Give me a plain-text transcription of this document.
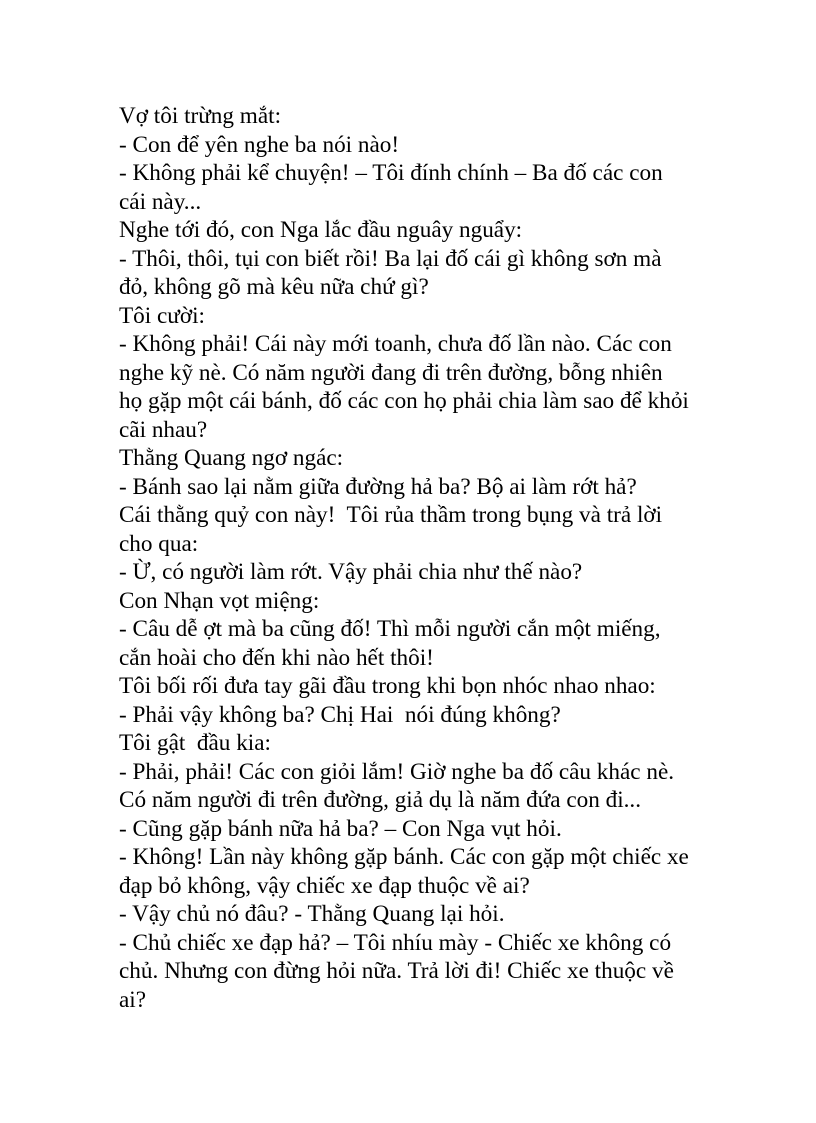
Vợ tôi trừng mắt:
- Con để yên nghe ba nói nào!
- Không phải kể chuyện! – Tôi đính chính – Ba đố các con
cái này...
Nghe tới đó, con Nga lắc đầu nguây nguẩy:
- Thôi, thôi, tụi con biết rồi! Ba lại đố cái gì không sơn mà
đỏ, không gõ mà kêu nữa chứ gì?
Tôi cười:
- Không phải! Cái này mới toanh, chưa đố lần nào. Các con
nghe kỹ nè. Có năm người đang đi trên đường, bỗng nhiên
họ gặp một cái bánh, đố các con họ phải chia làm sao để khỏi
cãi nhau?
Thằng Quang ngơ ngác:
- Bánh sao lại nằm giữa đường hả ba? Bộ ai làm rớt hả?
Cái thằng quỷ con này!  Tôi rủa thầm trong bụng và trả lời
cho qua:
- Ừ, có người làm rớt. Vậy phải chia như thế nào?
Con Nhạn vọt miệng:
- Câu dễ ợt mà ba cũng đố! Thì mỗi người cắn một miếng,
cắn hoài cho đến khi nào hết thôi!
Tôi bối rối đưa tay gãi đầu trong khi bọn nhóc nhao nhao:
- Phải vậy không ba? Chị Hai  nói đúng không?
Tôi gật  đầu kia:
- Phải, phải! Các con giỏi lắm! Giờ nghe ba đố câu khác nè.
Có năm người đi trên đường, giả dụ là năm đứa con đi...
- Cũng gặp bánh nữa hả ba? – Con Nga vụt hỏi.
- Không! Lần này không gặp bánh. Các con gặp một chiếc xe
đạp bỏ không, vậy chiếc xe đạp thuộc về ai?
- Vậy chủ nó đâu? - Thằng Quang lại hỏi.
- Chủ chiếc xe đạp hả? – Tôi nhíu mày - Chiếc xe không có
chủ. Nhưng con đừng hỏi nữa. Trả lời đi! Chiếc xe thuộc về
ai?
